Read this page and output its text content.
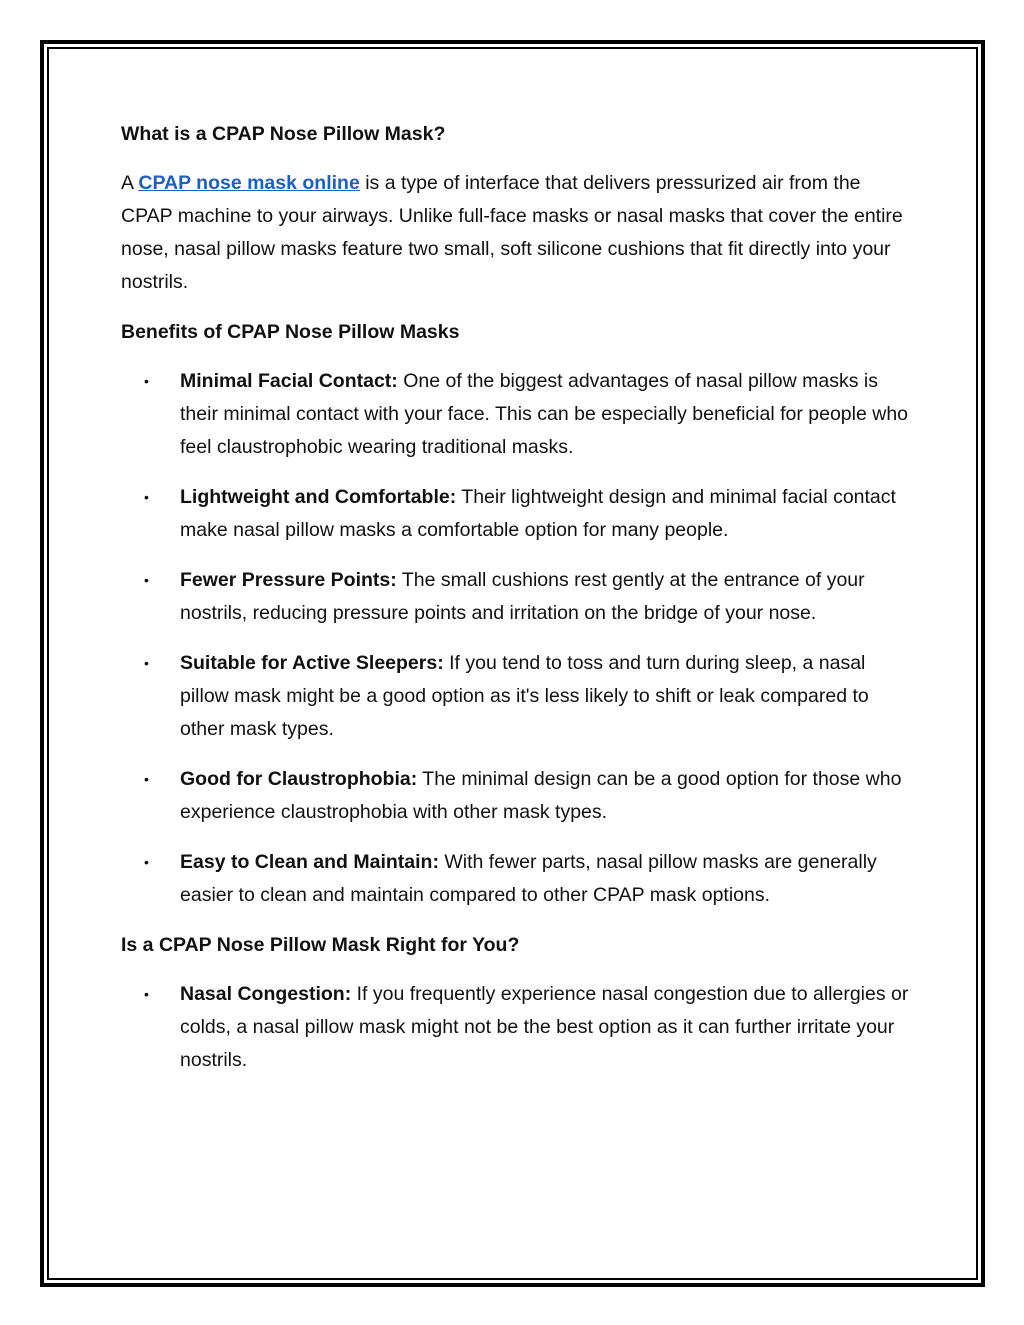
What is a CPAP Nose Pillow Mask?

A CPAP nose mask online is a type of interface that delivers pressurized air from the CPAP machine to your airways. Unlike full-face masks or nasal masks that cover the entire nose, nasal pillow masks feature two small, soft silicone cushions that fit directly into your nostrils.

Benefits of CPAP Nose Pillow Masks
• Minimal Facial Contact: One of the biggest advantages of nasal pillow masks is their minimal contact with your face. This can be especially beneficial for people who feel claustrophobic wearing traditional masks.
• Lightweight and Comfortable: Their lightweight design and minimal facial contact make nasal pillow masks a comfortable option for many people.
• Fewer Pressure Points: The small cushions rest gently at the entrance of your nostrils, reducing pressure points and irritation on the bridge of your nose.
• Suitable for Active Sleepers: If you tend to toss and turn during sleep, a nasal pillow mask might be a good option as it's less likely to shift or leak compared to other mask types.
• Good for Claustrophobia: The minimal design can be a good option for those who experience claustrophobia with other mask types.
• Easy to Clean and Maintain: With fewer parts, nasal pillow masks are generally easier to clean and maintain compared to other CPAP mask options.
Is a CPAP Nose Pillow Mask Right for You?
• Nasal Congestion: If you frequently experience nasal congestion due to allergies or colds, a nasal pillow mask might not be the best option as it can further irritate your nostrils.
